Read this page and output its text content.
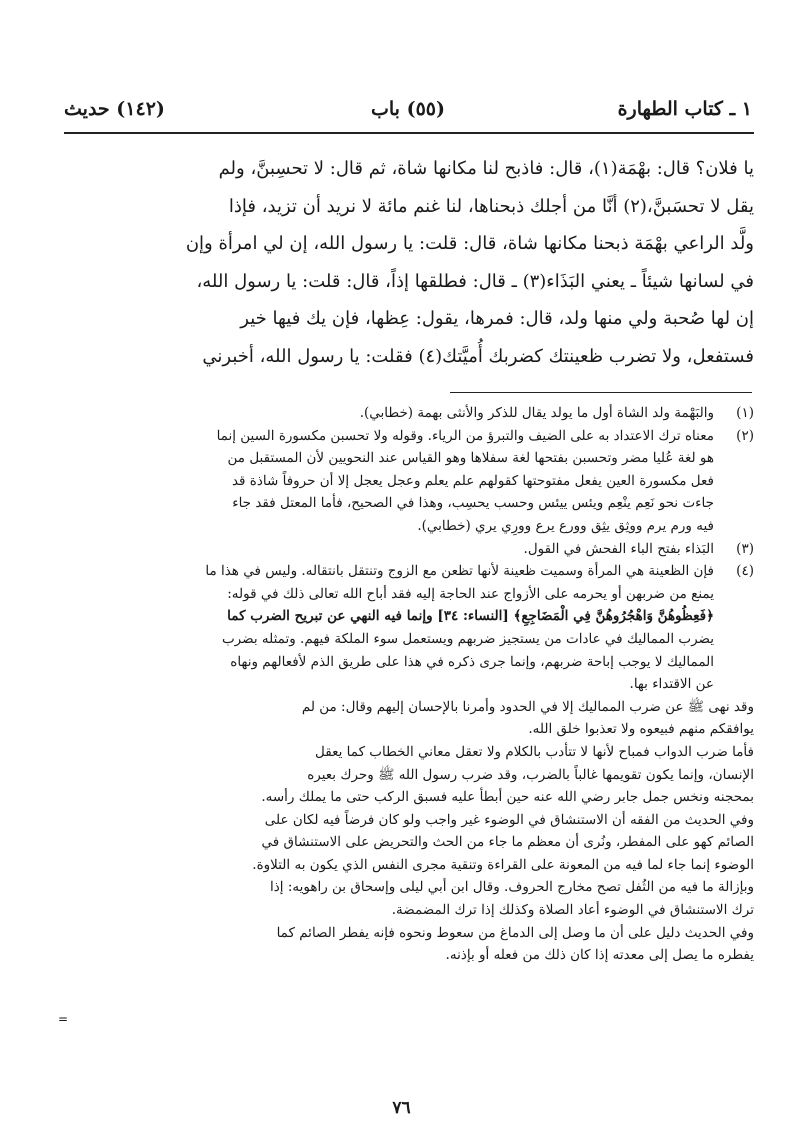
١ ـ كتاب الطهارة
(٥٥) باب
(١٤٢) حديث

يا فلان؟ قال: بهْمَة(١)، قال: فاذبح لنا مكانها شاة، ثم قال: لا تحسِبنَّ، ولم

يقل لا تحسَبنَّ،(٢) أنَّا من أجلك ذبحناها، لنا غنم مائة لا نريد أن تزيد، فإذا

ولَّد الراعي بهْمَة ذبحنا مكانها شاة، قال: قلت: يا رسول الله، إن لي امرأة وإن

في لسانها شيئاً ـ يعني البَذَاء(٣) ـ قال: فطلقها إذاً، قال: قلت: يا رسول الله،

إن لها صُحبة ولي منها ولد، قال: فمرها، يقول: عِظها، فإن يك فيها خير

فستفعل، ولا تضرب ظعينتك كضربك أُميَّتك(٤) فقلت: يا رسول الله، أخبرني

(١)
والبَهْمة ولد الشاة أول ما يولد يقال للذكر والأنثى بهمة (خطابي).
(٢)
معناه ترك الاعتداد به على الضيف والتبرؤ من الرياء. وقوله ولا تحسبن مكسورة السين إنما
هو لغة عُليا مضر وتحسبن بفتحها لغة سفلاها وهو القياس عند النحويين لأن المستقبل من
فعل مكسورة العين يفعل مفتوحتها كقولهم علم يعلم وعجل يعجل إلا أن حروفاً شاذة قد
جاءت نحو نَعِم ينْعِم ويئس ييئس وحسب يحسِب، وهذا في الصحيح، فأما المعتل فقد جاء
فيه ورم يرم ووثِق يثِق وورع يرع وورِي يري (خطابي).
(٣)
البَذاء بفتح الباء الفحش في القول.
(٤)
فإن الظعينة هي المرأة وسميت ظعينة لأنها تظعن مع الزوج وتنتقل بانتقاله. وليس في هذا ما
يمنع من ضربهن أو يحرمه على الأزواج عند الحاجة إليه فقد أباح الله تعالى ذلك في قوله:
﴿فَعِظُوهُنَّ وَاهْجُرُوهُنَّ فِي الْمَضَاجِعِ﴾ [النساء: ٣٤] وإنما فيه النهي عن تبريح الضرب كما
يضرب المماليك في عادات من يستجيز ضربهم ويستعمل سوء الملكة فيهم. وتمثله بضرب
المماليك لا يوجب إباحة ضربهم، وإنما جرى ذكره في هذا على طريق الذم لأفعالهم ونهاه
عن الاقتداء بها.
وقد نهى ﷺ عن ضرب المماليك إلا في الحدود وأمرنا بالإحسان إليهم وقال: من لم
يوافقكم منهم فبيعوه ولا تعذبوا خلق الله.
فأما ضرب الدواب فمباح لأنها لا تتأدب بالكلام ولا تعقل معاني الخطاب كما يعقل
الإنسان، وإنما يكون تقويمها غالباً بالضرب، وقد ضرب رسول الله ﷺ وحرك بعيره
بمحجنه ونخس جمل جابر رضي الله عنه حين أبطأ عليه فسبق الركب حتى ما يملك رأسه.
وفي الحديث من الفقه أن الاستنشاق في الوضوء غير واجب ولو كان فرضاً فيه لكان على
الصائم كهو على المفطر، ونُرى أن معظم ما جاء من الحث والتحريض على الاستنشاق في
الوضوء إنما جاء لما فيه من المعونة على القراءة وتنقية مجرى النفس الذي يكون به التلاوة.
وبإزالة ما فيه من الثُفل تصح مخارج الحروف. وقال ابن أبي ليلى وإسحاق بن راهويه: إذا
ترك الاستنشاق في الوضوء أعاد الصلاة وكذلك إذا ترك المضمضة.
وفي الحديث دليل على أن ما وصل إلى الدماغ من سعوط ونحوه فإنه يفطر الصائم كما
يفطره ما يصل إلى معدته إذا كان ذلك من فعله أو بإذنه.
=
٧٦
